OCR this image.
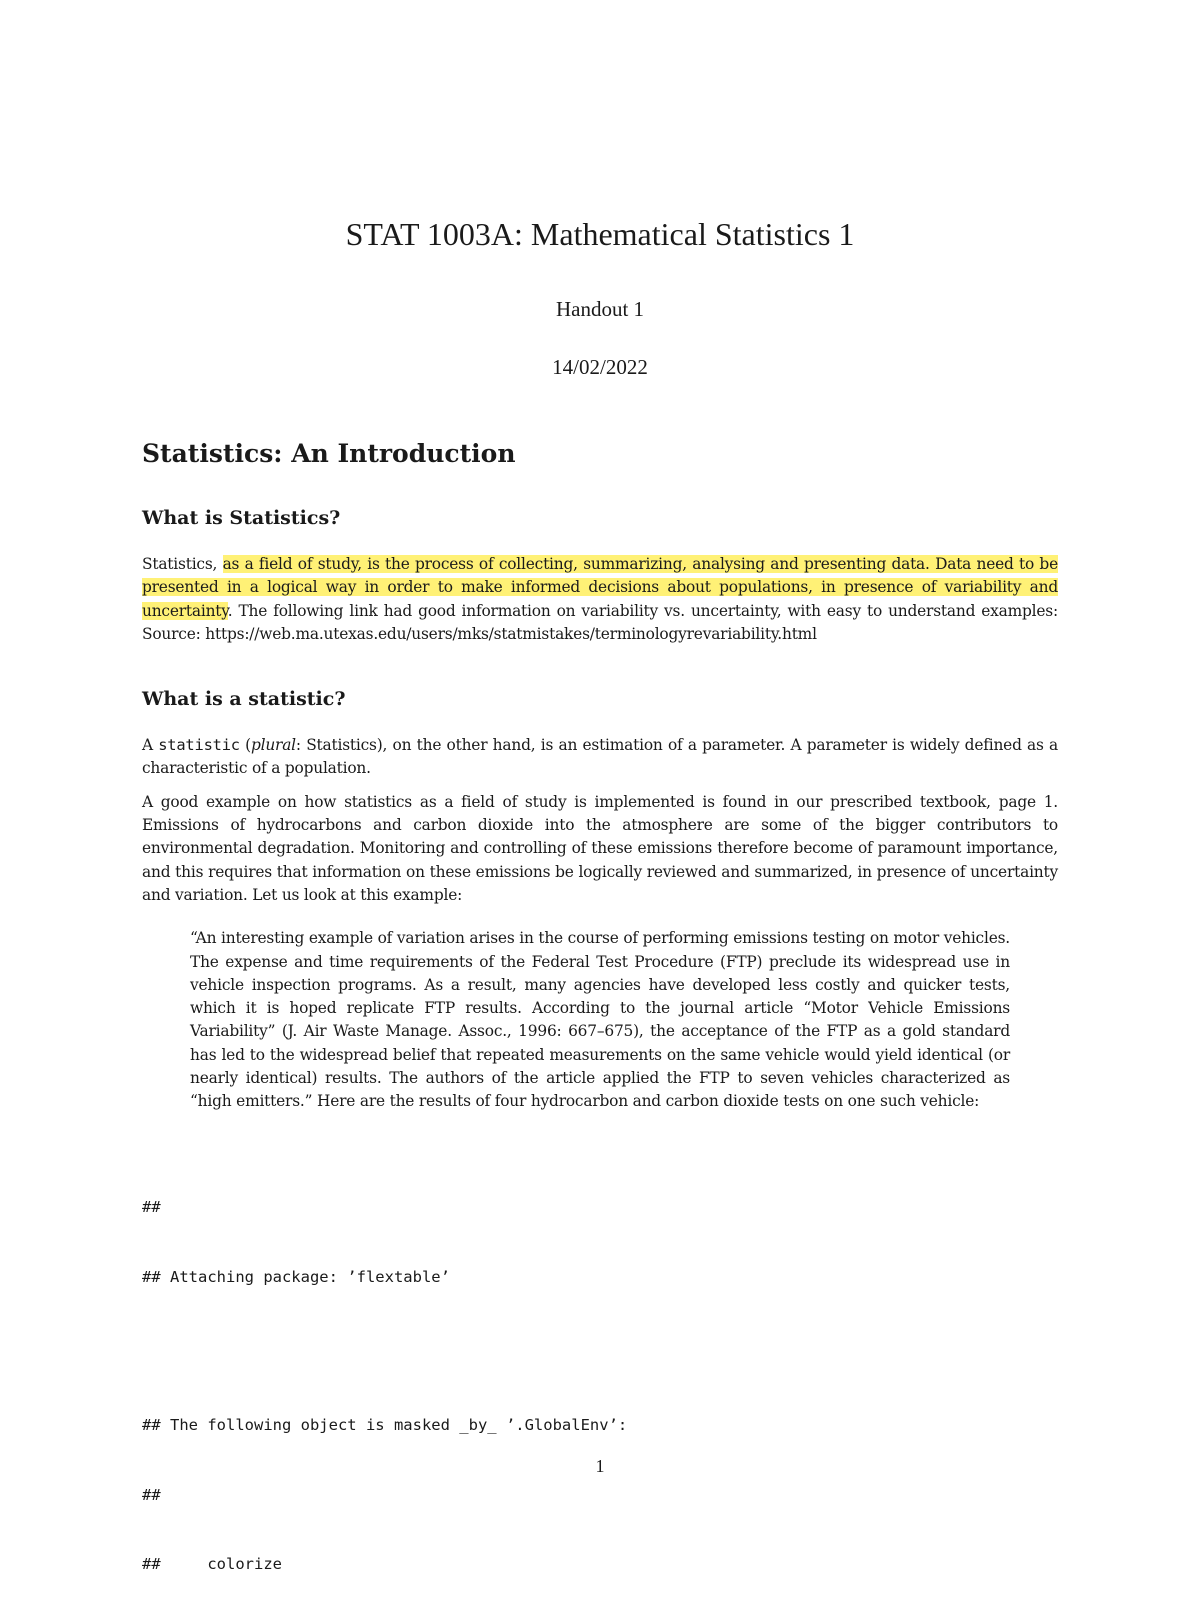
STAT 1003A: Mathematical Statistics 1

Handout 1

14/02/2022

Statistics: An Introduction
What is Statistics?

Statistics, as a field of study, is the process of collecting, summarizing, analysing and presenting data. Data need to be presented in a logical way in order to make informed decisions about populations, in presence of variability and uncertainty. The following link had good information on variability vs. uncertainty, with easy to understand examples: Source: https://web.ma.utexas.edu/users/mks/statmistakes/terminologyrevariability.html

What is a statistic?

A statistic (plural: Statistics), on the other hand, is an estimation of a parameter. A parameter is widely defined as a characteristic of a population.

A good example on how statistics as a field of study is implemented is found in our prescribed textbook, page 1. Emissions of hydrocarbons and carbon dioxide into the atmosphere are some of the bigger contributors to environmental degradation. Monitoring and controlling of these emissions therefore become of paramount importance, and this requires that information on these emissions be logically reviewed and summarized, in presence of uncertainty and variation. Let us look at this example:

“An interesting example of variation arises in the course of performing emissions testing on motor vehicles. The expense and time requirements of the Federal Test Procedure (FTP) preclude its widespread use in vehicle inspection programs. As a result, many agencies have developed less costly and quicker tests, which it is hoped replicate FTP results. According to the journal article “Motor Vehicle Emissions Variability” (J. Air Waste Manage. Assoc., 1996: 667–675), the acceptance of the FTP as a gold standard has led to the widespread belief that repeated measurements on the same vehicle would yield identical (or nearly identical) results. The authors of the article applied the FTP to seven vehicles characterized as “high emitters.” Here are the results of four hydrocarbon and carbon dioxide tests on one such vehicle:

##

## Attaching package: ’flextable’

## The following object is masked _by_ ’.GlobalEnv’:

##

##     colorize

1
